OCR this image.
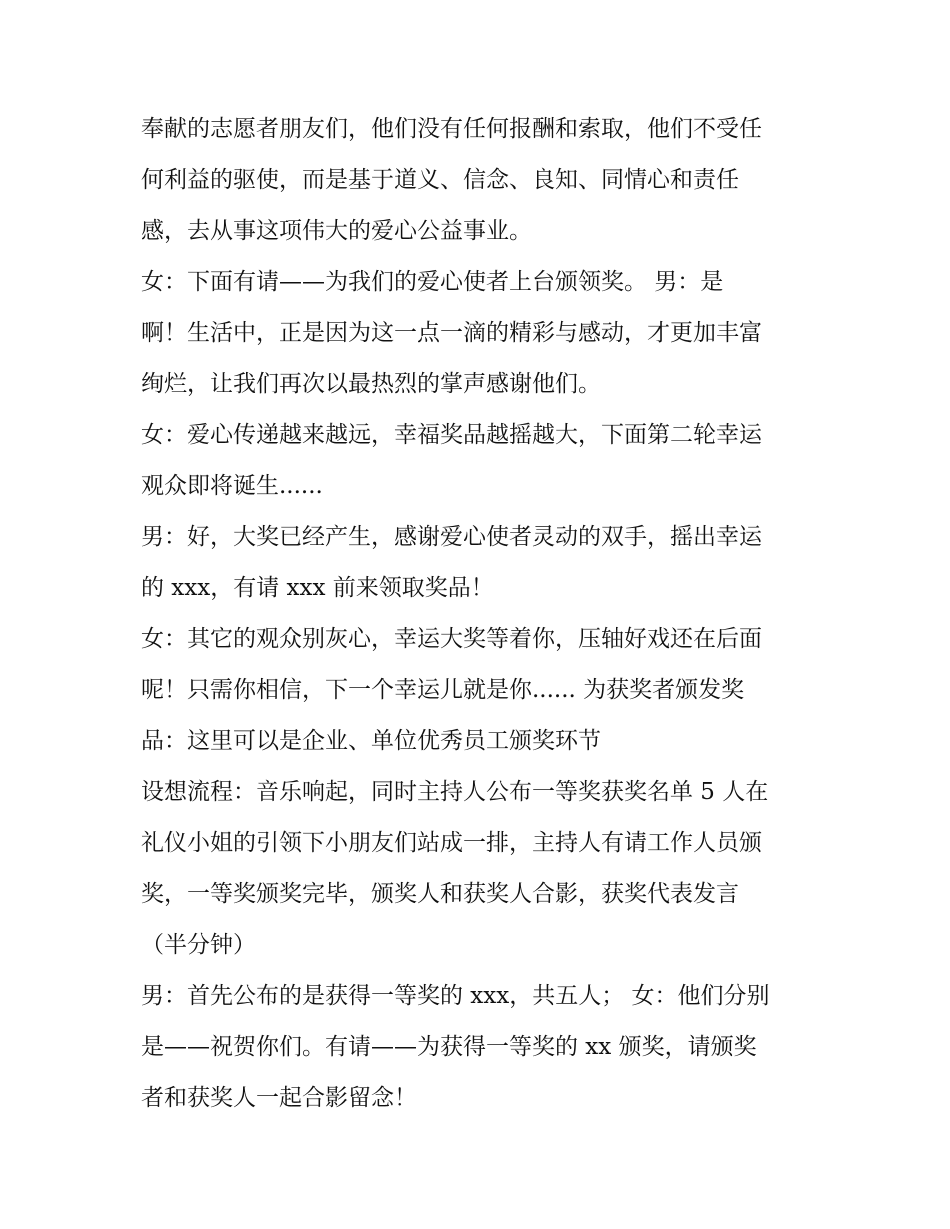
奉献的志愿者朋友们，他们没有任何报酬和索取，他们不受任
何利益的驱使，而是基于道义、信念、良知、同情心和责任
感，去从事这项伟大的爱心公益事业。
女：下面有请——为我们的爱心使者上台颁领奖。 男：是
啊！生活中，正是因为这一点一滴的精彩与感动，才更加丰富
绚烂，让我们再次以最热烈的掌声感谢他们。
女：爱心传递越来越远，幸福奖品越摇越大，下面第二轮幸运
观众即将诞生......
男：好，大奖已经产生，感谢爱心使者灵动的双手，摇出幸运
的 xxx，有请 xxx 前来领取奖品！
女：其它的观众别灰心，幸运大奖等着你，压轴好戏还在后面
呢！只需你相信，下一个幸运儿就是你...... 为获奖者颁发奖
品：这里可以是企业、单位优秀员工颁奖环节
设想流程：音乐响起，同时主持人公布一等奖获奖名单 5 人在
礼仪小姐的引领下小朋友们站成一排，主持人有请工作人员颁
奖，一等奖颁奖完毕，颁奖人和获奖人合影，获奖代表发言
（半分钟）
男：首先公布的是获得一等奖的 xxx，共五人； 女：他们分别
是——祝贺你们。有请——为获得一等奖的 xx 颁奖，请颁奖
者和获奖人一起合影留念！
